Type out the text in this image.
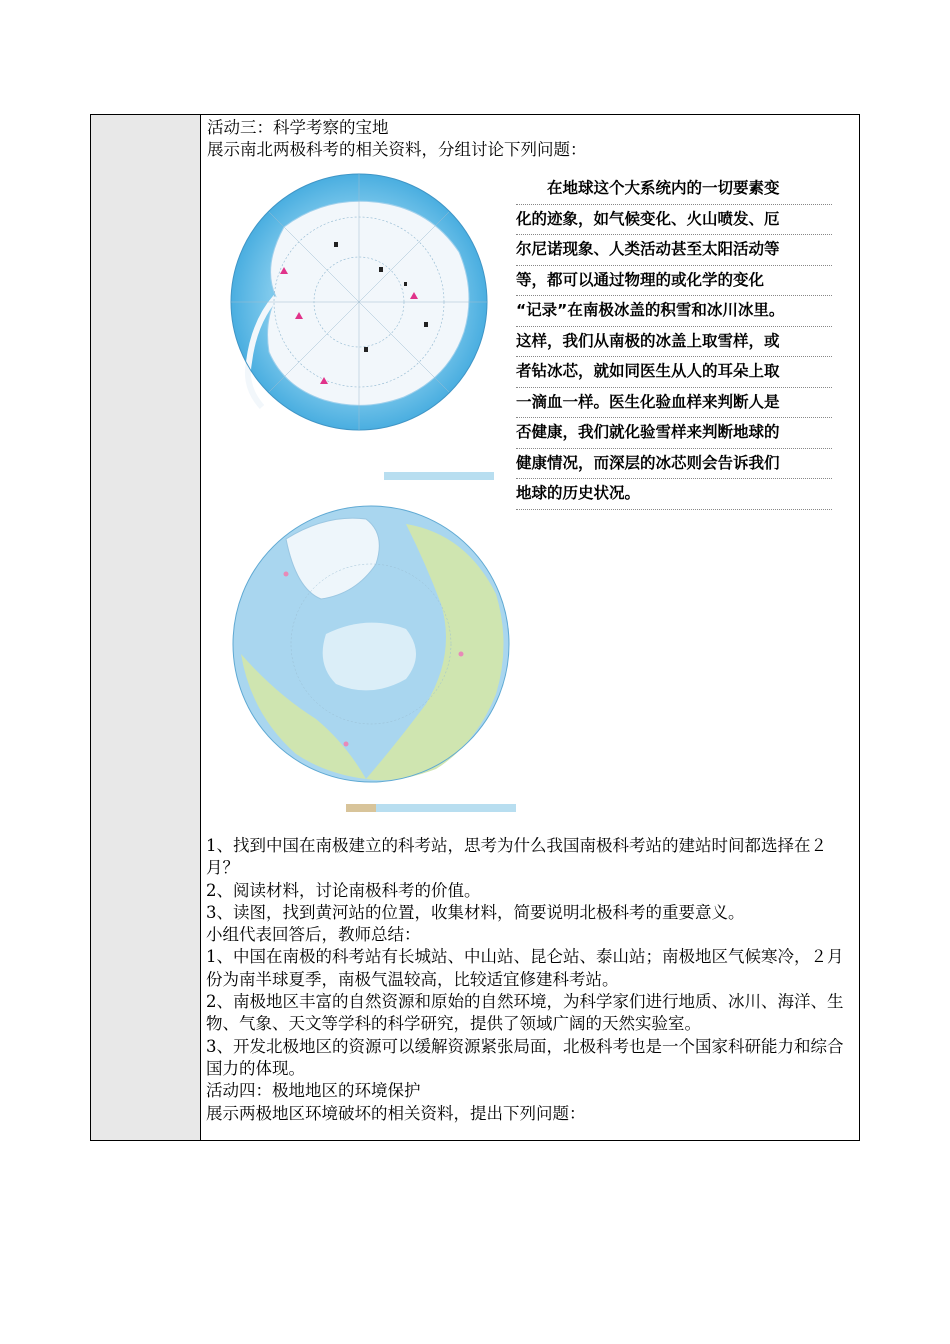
活动三：科学考察的宝地
展示南北两极科考的相关资料，分组讨论下列问题：
　　在地球这个大系统内的一切要素变
化的迹象，如气候变化、火山喷发、厄
尔尼诺现象、人类活动甚至太阳活动等
等，都可以通过物理的或化学的变化
“记录”在南极冰盖的积雪和冰川冰里。
这样，我们从南极的冰盖上取雪样，或
者钻冰芯，就如同医生从人的耳朵上取
一滴血一样。医生化验血样来判断人是
否健康，我们就化验雪样来判断地球的
健康情况，而深层的冰芯则会告诉我们
地球的历史状况。
1、找到中国在南极建立的科考站，思考为什么我国南极科考站的建站时间都选择在２月？
2、阅读材料，讨论南极科考的价值。
3、读图，找到黄河站的位置，收集材料，简要说明北极科考的重要意义。
小组代表回答后，教师总结：
1、中国在南极的科考站有长城站、中山站、昆仑站、泰山站；南极地区气候寒冷，２月份为南半球夏季，南极气温较高，比较适宜修建科考站。
2、南极地区丰富的自然资源和原始的自然环境，为科学家们进行地质、冰川、海洋、生物、气象、天文等学科的科学研究，提供了领域广阔的天然实验室。
3、开发北极地区的资源可以缓解资源紧张局面，北极科考也是一个国家科研能力和综合国力的体现。
活动四：极地地区的环境保护
展示两极地区环境破坏的相关资料，提出下列问题：
